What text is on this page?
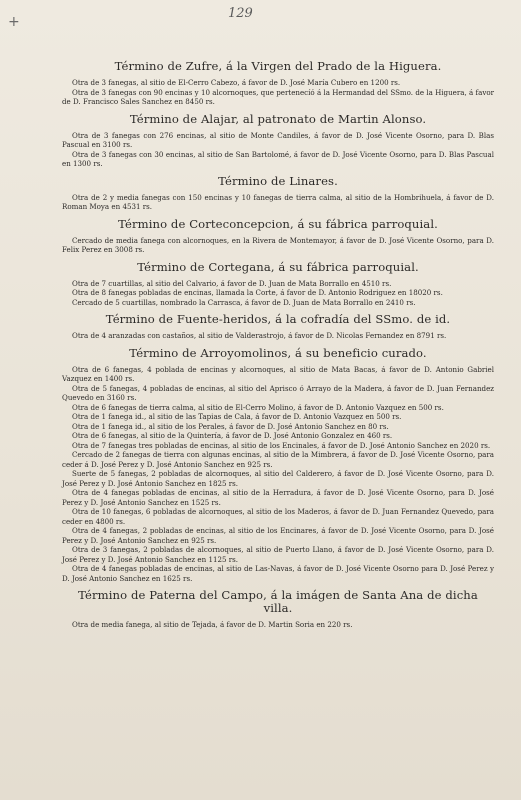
+
129
Término de Zufre, á la Virgen del Prado de la Higuera.

Otra de 3 fanegas, al sitio de El-Cerro Cabezo, á favor de D. José María Cubero en 1200 rs.

Otra de 3 fanegas con 90 encinas y 10 alcornoques, que pertenecíó á la Hermandad del SSmo. de la Higuera, á favor de D. Francisco Sales Sanchez en 8450 rs.

Término de Alajar, al patronato de Martin Alonso.

Otra de 3 fanegas con 276 encinas, al sitio de Monte Candiles, á favor de D. José Vicente Osorno, para D. Blas Pascual en 3100 rs.

Otra de 3 fanegas con 30 encinas, al sitio de San Bartolomé, á favor de D. José Vicente Osorno, para D. Blas Pascual en 1300 rs.

Término de Linares.

Otra de 2 y media fanegas con 150 encinas y 10 fanegas de tierra calma, al sitio de la Hombrihuela, á favor de D. Roman Moya en 4531 rs.

Término de Corteconcepcion, á su fábrica parroquial.

Cercado de media fanega con alcornoques, en la Rivera de Montemayor, á favor de D. José Vicente Osorno, para D. Felix Perez en 3008 rs.

Término de Cortegana, á su fábrica parroquial.

Otra de 7 cuartillas, al sitio del Calvario, á favor de D. Juan de Mata Borrallo en 4510 rs.

Otra de 8 fanegas pobladas de encinas, llamada la Corte, á favor de D. Antonio Rodriguez en 18020 rs.

Cercado de 5 cuartillas, nombrado la Carrasca, á favor de D. Juan de Mata Borrallo en 2410 rs.

Término de Fuente-heridos, á la cofradía del SSmo. de id.

Otra de 4 aranzadas con castaños, al sitio de Valderastrojo, á favor de D. Nicolas Fernandez en 8791 rs.

Término de Arroyomolinos, á su beneficio curado.

Otra de 6 fanegas, 4 poblada de encinas y alcornoques, al sitio de Mata Bacas, á favor de D. Antonio Gabriel Vazquez en 1400 rs.

Otra de 5 fanegas, 4 pobladas de encinas, al sitio del Aprisco ó Arrayo de la Madera, á favor de D. Juan Fernandez Quevedo en 3160 rs.

Otra de 6 fanegas de tierra calma, al sitio de El-Cerro Molino, á favor de D. Antonio Vazquez en 500 rs.

Otra de 1 fanega id., al sitio de las Tapias de Cala, á favor de D. Antonio Vazquez en 500 rs.

Otra de 1 fanega id., al sitio de los Perales, á favor de D. José Antonio Sanchez en 80 rs.

Otra de 6 fanegas, al sitio de la Quintería, á favor de D. José Antonio Gonzalez en 460 rs.

Otra de 7 fanegas tres pobladas de encinas, al sitio de los Encinales, á favor de D. José Antonio Sanchez en 2020 rs.

Cercado de 2 fanegas de tierra con algunas encinas, al sitio de la Mimbrera, á favor de D. José Vicente Osorno, para ceder á D. José Perez y D. José Antonio Sanchez en 925 rs.

Suerte de 5 fanegas, 2 pobladas de alcornoques, al sitio del Calderero, á favor de D. José Vicente Osorno, para D. José Perez y D. José Antonio Sanchez en 1825 rs.

Otra de 4 fanegas pobladas de encinas, al sitio de la Herradura, á favor de D. José Vicente Osorno, para D. José Perez y D. José Antonio Sanchez en 1525 rs.

Otra de 10 fanegas, 6 pobladas de alcornoques, al sitio de los Maderos, á favor de D. Juan Fernandez Quevedo, para ceder en 4800 rs.

Otra de 4 fanegas, 2 pobladas de encinas, al sitio de los Encinares, á favor de D. José Vicente Osorno, para D. José Perez y D. José Antonio Sanchez en 925 rs.

Otra de 3 fanegas, 2 pobladas de alcornoques, al sitio de Puerto Llano, á favor de D. José Vicente Osorno, para D. José Perez y D. José Antonio Sanchez en 1125 rs.

Otra de 4 fanegas pobladas de encinas, al sitio de Las-Navas, á favor de D. José Vicente Osorno para D. José Perez y D. José Antonio Sanchez en 1625 rs.

Término de Paterna del Campo, á la imágen de Santa Ana de dicha villa.

Otra de media fanega, al sitio de Tejada, á favor de D. Martin Soria en 220 rs.
